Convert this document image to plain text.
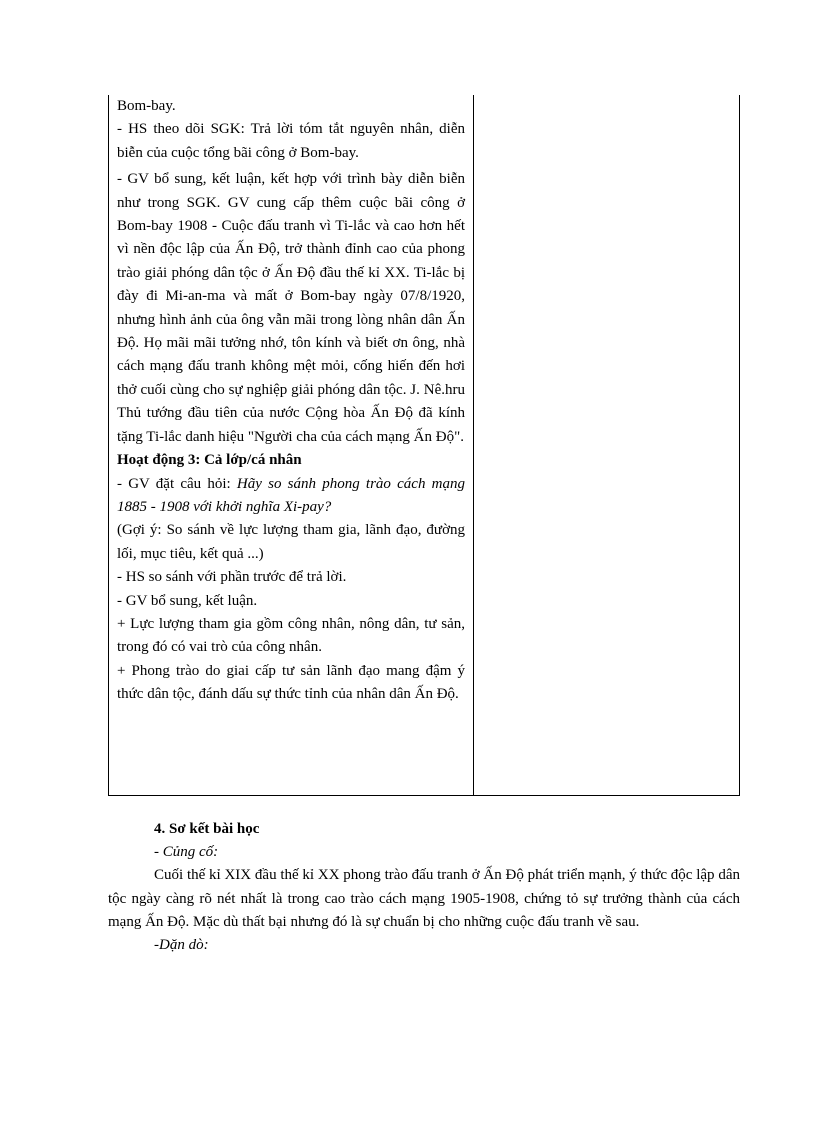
Bom-bay.

- HS theo dõi SGK: Trả lời tóm tắt nguyên nhân, diễn biễn của cuộc tổng bãi công ở Bom-bay.

- GV bổ sung, kết luận, kết hợp với trình bày diễn biễn như trong SGK. GV cung cấp thêm cuộc bãi công ở Bom-bay 1908 - Cuộc đấu tranh vì Ti-lắc và cao hơn hết vì nền độc lập của Ấn Độ, trở thành đỉnh cao của phong trào giải phóng dân tộc ở Ấn Độ đầu thế kỉ XX. Ti-lắc bị đày đi Mi-an-ma và mất ở Bom-bay ngày 07/8/1920, nhưng hình ảnh của ông vẫn mãi trong lòng nhân dân Ấn Độ. Họ mãi mãi tưởng nhớ, tôn kính và biết ơn ông, nhà cách mạng đấu tranh không mệt mỏi, cống hiến đến hơi thở cuối cùng cho sự nghiệp giải phóng dân tộc. J. Nê.hru Thủ tướng đầu tiên của nước Cộng hòa Ấn Độ đã kính tặng Ti-lắc danh hiệu "Người cha của cách mạng Ấn Độ".

Hoạt động 3: Cả lớp/cá nhân

- GV đặt câu hỏi: Hãy so sánh phong trào cách mạng 1885 - 1908 với khởi nghĩa Xi-pay?

(Gợi ý: So sánh về lực lượng tham gia, lãnh đạo, đường lối, mục tiêu, kết quả ...)

- HS so sánh với phần trước để trả lời.

- GV bổ sung, kết luận.

+ Lực lượng tham gia gồm công nhân, nông dân, tư sản, trong đó có vai trò của công nhân.

+ Phong trào do giai cấp tư sản lãnh đạo mang đậm ý thức dân tộc, đánh dấu sự thức tỉnh của nhân dân Ấn Độ.

4. Sơ kết bài học

- Củng cố:

Cuối thế kỉ XIX đầu thế kỉ XX phong trào đấu tranh ở Ấn Độ phát triển mạnh, ý thức độc lập dân tộc ngày càng rõ nét nhất là trong cao trào cách mạng 1905-1908, chứng tỏ sự trưởng thành của cách mạng Ấn Độ. Mặc dù thất bại nhưng đó là sự chuẩn bị cho những cuộc đấu tranh về sau.

-Dặn dò:
